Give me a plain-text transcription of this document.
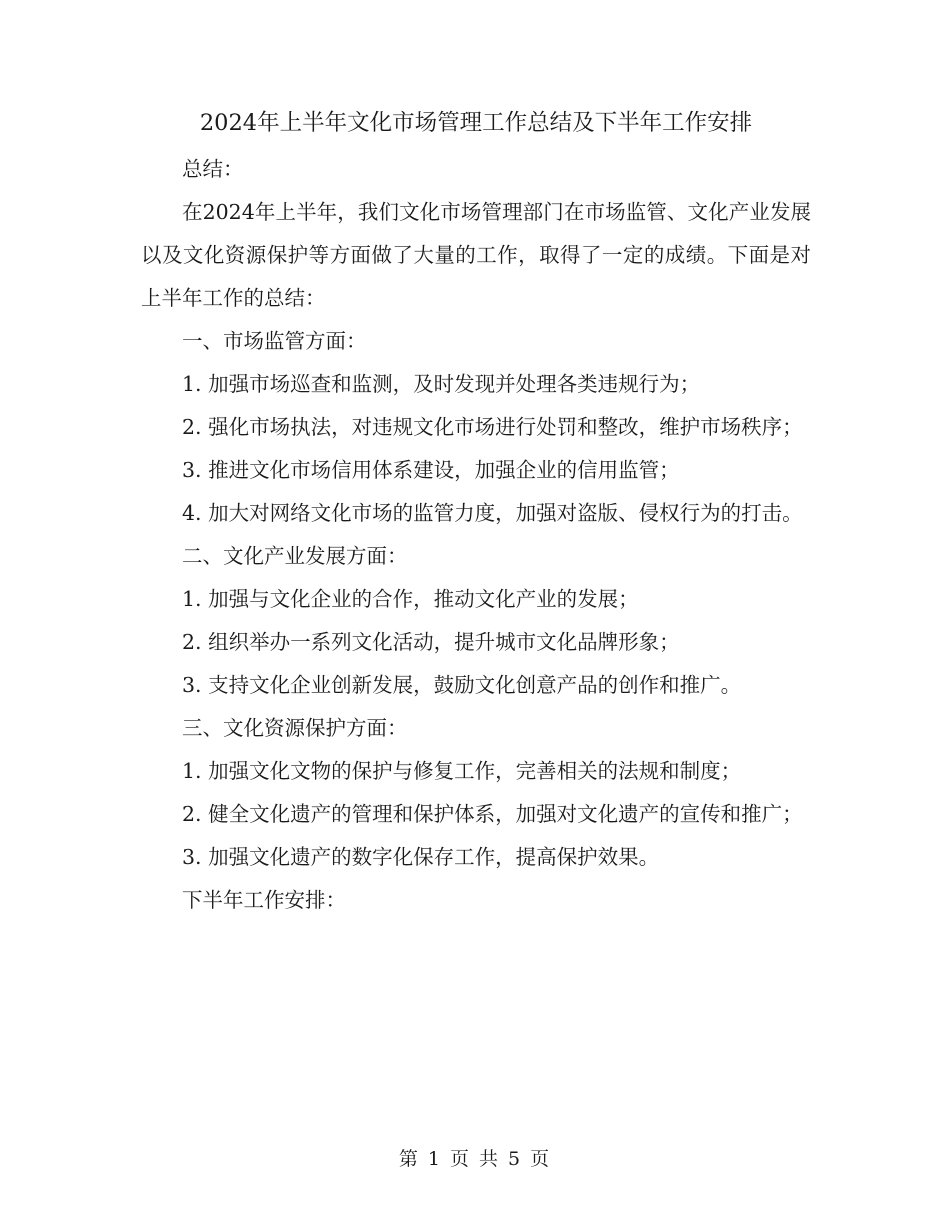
2024年上半年文化市场管理工作总结及下半年工作安排

总结：

在2024年上半年，我们文化市场管理部门在市场监管、文化产业发展以及文化资源保护等方面做了大量的工作，取得了一定的成绩。下面是对上半年工作的总结：

一、市场监管方面：

1. 加强市场巡查和监测，及时发现并处理各类违规行为；

2. 强化市场执法，对违规文化市场进行处罚和整改，维护市场秩序；

3. 推进文化市场信用体系建设，加强企业的信用监管；

4. 加大对网络文化市场的监管力度，加强对盗版、侵权行为的打击。

二、文化产业发展方面：

1. 加强与文化企业的合作，推动文化产业的发展；

2. 组织举办一系列文化活动，提升城市文化品牌形象；

3. 支持文化企业创新发展，鼓励文化创意产品的创作和推广。

三、文化资源保护方面：

1. 加强文化文物的保护与修复工作，完善相关的法规和制度；

2. 健全文化遗产的管理和保护体系，加强对文化遗产的宣传和推广；

3. 加强文化遗产的数字化保存工作，提高保护效果。

下半年工作安排：

第 1 页 共 5 页
